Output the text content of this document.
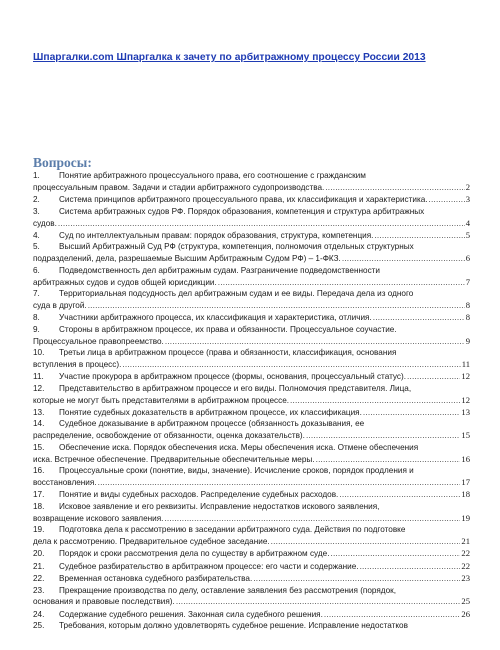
Шпаргалки.com Шпаргалка к зачету по арбитражному процессу России 2013
Вопросы:
1.	Понятие арбитражного процессуального права, его соотношение с гражданским
процессуальным правом. Задачи и стадии арбитражного судопроизводства. .....	2
2.	Система принципов арбитражного процессуального права, их классификация и характеристика. .....	3
3.	Система арбитражных судов РФ. Порядок образования, компетенция и структура арбитражных
судов. .....	4
4.	Суд по интеллектуальным правам: порядок образования, структура, компетенция. .....	5
5.	Высший Арбитражный Суд РФ (структура, компетенция, полномочия отдельных структурных
подразделений, дела, разрешаемые Высшим Арбитражным Судом РФ) – 1-ФКЗ. .....	6
6.	Подведомственность дел арбитражным судам. Разграничение подведомственности
арбитражных судов и судов общей юрисдикции. .....	7
7.	Территориальная подсудность дел арбитражным судам и ее виды. Передача дела из одного
суда в другой. .....	8
8.	Участники арбитражного процесса, их классификация и характеристика, отличия. .....	8
9.	Стороны в арбитражном процессе, их права и обязанности. Процессуальное соучастие.
Процессуальное правопреемство. .....	9
10.	Третьи лица в арбитражном процессе (права и обязанности, классификация, основания
вступления в процесс). .....	11
11.	Участие прокурора в арбитражном процессе (формы, основания, процессуальный статус). .....	12
12.	Представительство в арбитражном процессе и его виды. Полномочия представителя. Лица,
которые не могут быть представителями в арбитражном процессе. .....	12
13.	Понятие судебных доказательств в арбитражном процессе, их классификация. .....	13
14.	Судебное доказывание в арбитражном процессе (обязанность доказывания, ее
распределение, освобождение от обязанности, оценка доказательств). .....	15
15.	Обеспечение иска. Порядок обеспечения иска. Меры обеспечения иска. Отмене обеспечения
иска. Встречное обеспечение. Предварительные обеспечительные меры. .....	16
16.	Процессуальные сроки (понятие, виды, значение). Исчисление сроков, порядок продления и
восстановления. .....	17
17.	Понятие и виды судебных расходов. Распределение судебных расходов. .....	18
18.	Исковое заявление и его реквизиты. Исправление недостатков искового заявления,
возвращение искового заявления. .....	19
19.	Подготовка дела к рассмотрению в заседании арбитражного суда. Действия по подготовке
дела к рассмотрению. Предварительное судебное заседание. .....	21
20.	Порядок и сроки рассмотрения дела по существу в арбитражном суде. .....	22
21.	Судебное разбирательство в арбитражном процессе: его части и содержание. .....	22
22.	Временная остановка судебного разбирательства. .....	23
23.	Прекращение производства по делу, оставление заявления без рассмотрения (порядок,
основания и правовые последствия). .....	25
24.	Содержание судебного решения. Законная сила судебного решения. .....	26
25.	Требования, которым должно удовлетворять судебное решение. Исправление недостатков
